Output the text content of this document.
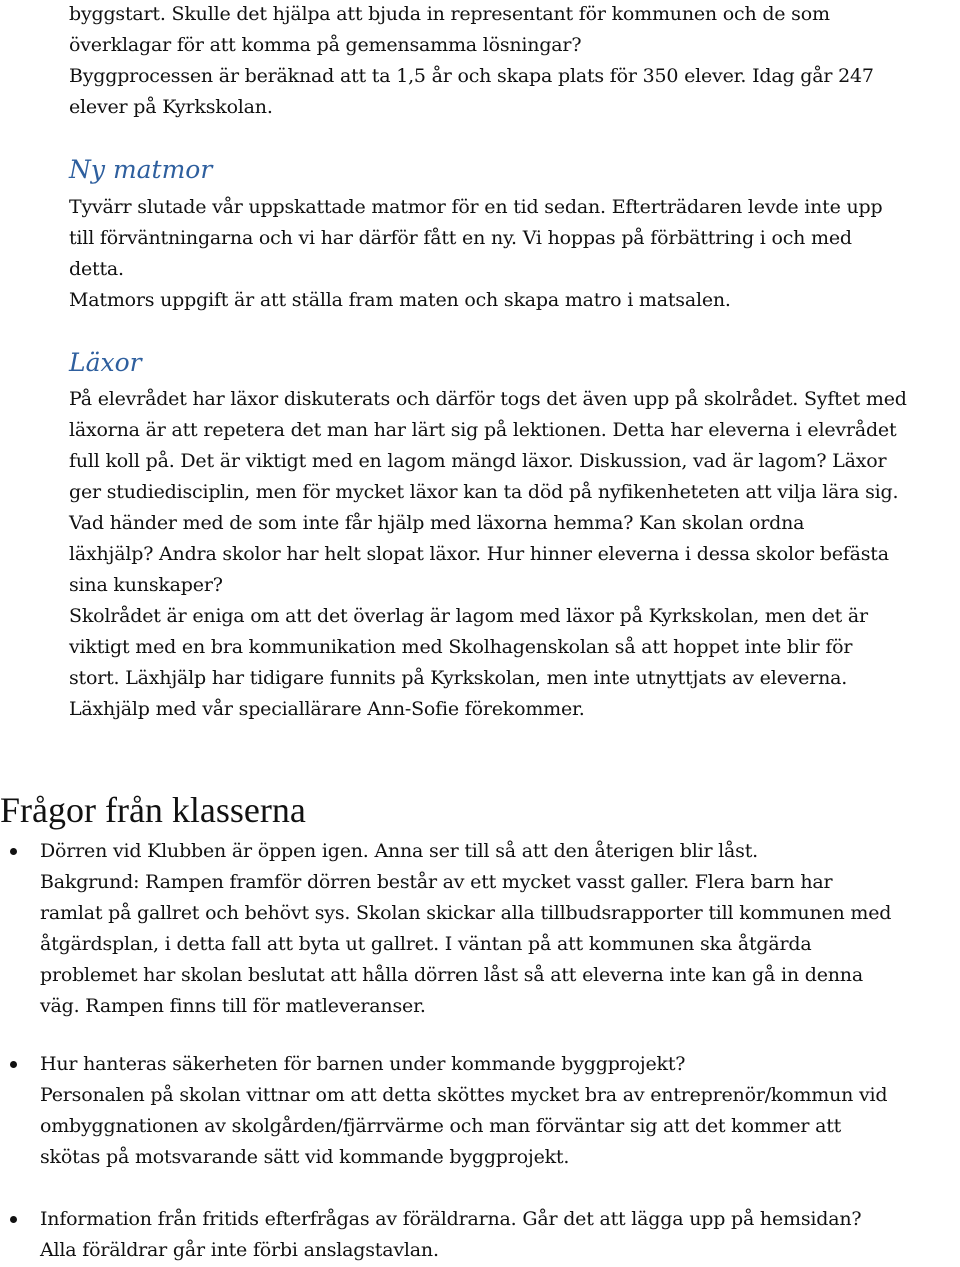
byggstart. Skulle det hjälpa att bjuda in representant för kommunen och de som

överklagar för att komma på gemensamma lösningar?

Byggprocessen är beräknad att ta 1,5 år och skapa plats för 350 elever. Idag går 247

elever på Kyrkskolan.

Ny matmor

Tyvärr slutade vår uppskattade matmor för en tid sedan. Efterträdaren levde inte upp

till förväntningarna och vi har därför fått en ny. Vi hoppas på förbättring i och med

detta.

Matmors uppgift är att ställa fram maten och skapa matro i matsalen.

Läxor

På elevrådet har läxor diskuterats och därför togs det även upp på skolrådet. Syftet med

läxorna är att repetera det man har lärt sig på lektionen. Detta har eleverna i elevrådet

full koll på. Det är viktigt med en lagom mängd läxor. Diskussion, vad är lagom? Läxor

ger studiedisciplin, men för mycket läxor kan ta död på nyfikenheteten att vilja lära sig.

Vad händer med de som inte får hjälp med läxorna hemma? Kan skolan ordna

läxhjälp? Andra skolor har helt slopat läxor. Hur hinner eleverna i dessa skolor befästa

sina kunskaper?

Skolrådet är eniga om att det överlag är lagom med läxor på Kyrkskolan, men det är

viktigt med en bra kommunikation med Skolhagenskolan så att hoppet inte blir för

stort. Läxhjälp har tidigare funnits på Kyrkskolan, men inte utnyttjats av eleverna.

Läxhjälp med vår speciallärare Ann-Sofie förekommer.

Frågor från klasserna

Dörren vid Klubben är öppen igen. Anna ser till så att den återigen blir låst.

Bakgrund: Rampen framför dörren består av ett mycket vasst galler. Flera barn har

ramlat på gallret och behövt sys. Skolan skickar alla tillbudsrapporter till kommunen med

åtgärdsplan, i detta fall att byta ut gallret. I väntan på att kommunen ska åtgärda

problemet har skolan beslutat att hålla dörren låst så att eleverna inte kan gå in denna

väg. Rampen finns till för matleveranser.

Hur hanteras säkerheten för barnen under kommande byggprojekt?

Personalen på skolan vittnar om att detta sköttes mycket bra av entreprenör/kommun vid

ombyggnationen av skolgården/fjärrvärme och man förväntar sig att det kommer att

skötas på motsvarande sätt vid kommande byggprojekt.

Information från fritids efterfrågas av föräldrarna. Går det att lägga upp på hemsidan?

Alla föräldrar går inte förbi anslagstavlan.
